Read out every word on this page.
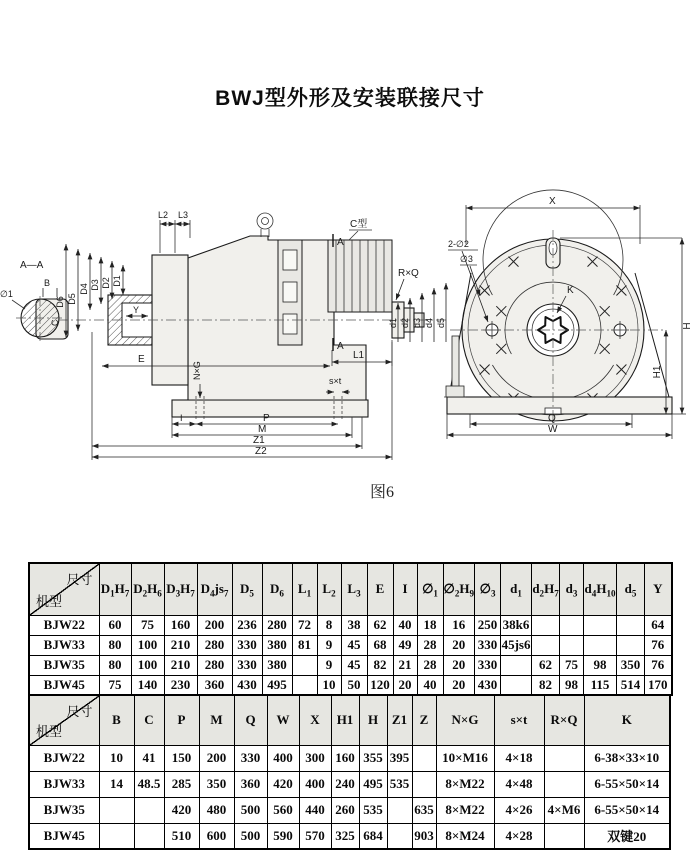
BWJ型外形及安装联接尺寸
A—A
B
∅1
C
L2 L3
D6 D5
D4 D3 D2 D1
Y
E
C型
A
A
R×Q
d1 d2 d3 d4 d5
L1
N×G
s×t
I	P
M
Z1
Z2
X
2-∅2
∅3
K
Q
W
H
H1
图6
尺寸
机型	$D_1H_7$	$D_2H_6$	$D_3H_7$	$D_4js_7$	$D_5$	$D_6$	$L_1$	$L_2$	$L_3$	E	I	$\emptyset_1$	$\emptyset_2H_9$	$\emptyset_3$	$d_1$	$d_2H_7$	$d_3$	$d_4H_{10}$	$d_5$	Y
BJW22	60	75	160	200	236	280	72	8	38	62	40	18	16	250	38k6					64
BJW33	80	100	210	280	330	380	81	9	45	68	49	28	20	330	45js6					76
BJW35	80	100	210	280	330	380		9	45	82	21	28	20	330		62	75	98	350	76
BJW45	75	140	230	360	430	495		10	50	120	20	40	20	430		82	98	115	514	170
尺寸
机型	B	C	P	M	Q	W	X	H1	H	Z1	Z	N×G	s×t	R×Q	K
BJW22	10	41	150	200	330	400	300	160	355	395		10×M16	4×18		6-38×33×10
BJW33	14	48.5	285	350	360	420	400	240	495	535		8×M22	4×48		6-55×50×14
BJW35			420	480	500	560	440	260	535		635	8×M22	4×26	4×M6	6-55×50×14
BJW45			510	600	500	590	570	325	684		903	8×M24	4×28		双键20
